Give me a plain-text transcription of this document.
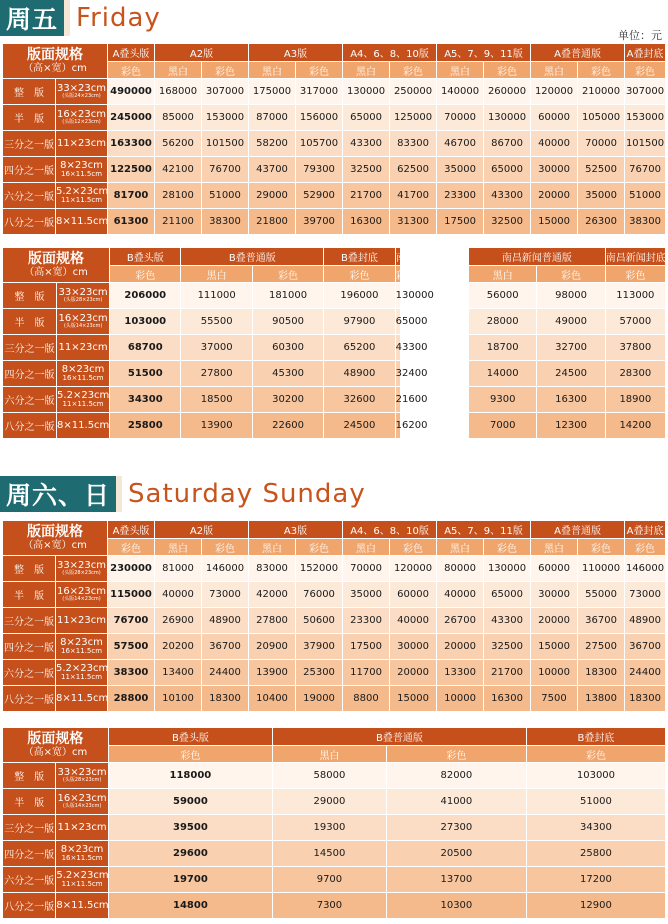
周五 Friday
单位：元
版面规格
（高×宽）cm		A叠头版	A2版		A3版		A4、6、8、10版		A5、7、9、11版		A叠普通版		A叠封底
		彩色	黑白	彩色	黑白	彩色	黑白	彩色	黑白	彩色	黑白	彩色	彩色
整　版	33×23cm
(头版24×23cm)	490000	168000	307000	175000	317000	130000	250000	140000	260000	120000	210000	307000
半　版	16×23cm
(头版12×23cm)	245000	85000	153000	87000	156000	65000	125000	70000	130000	60000	105000	153000
三分之一版	11×23cm	163300	56200	101500	58200	105700	43300	83300	46700	86700	40000	70000	101500
四分之一版	8×23cm
16×11.5cm	122500	42100	76700	43700	79300	32500	62500	35000	65000	30000	52500	76700
六分之一版	5.2×23cm
11×11.5cm	81700	28100	51000	29000	52900	21700	41700	23300	43300	20000	35000	51000
八分之一版	8×11.5cm	61300	21100	38300	21800	39700	16300	31300	17500	32500	15000	26300	38300
版面规格
（高×宽）cm		B叠头版	B叠普通版		B叠封底	南昌新闻头版		南昌新闻普通版		南昌新闻封底
		彩色	黑白	彩色	彩色	彩色		黑白	彩色	彩色
整　版	33×23cm
(头版28×23cm)	206000	111000	181000	196000	130000		56000	98000	113000
半　版	16×23cm
(头版14×23cm)	103000	55500	90500	97900	65000		28000	49000	57000
三分之一版	11×23cm	68700	37000	60300	65200	43300		18700	32700	37800
四分之一版	8×23cm
16×11.5cm	51500	27800	45300	48900	32400		14000	24500	28300
六分之一版	5.2×23cm
11×11.5cm	34300	18500	30200	32600	21600		9300	16300	18900
八分之一版	8×11.5cm	25800	13900	22600	24500	16200		7000	12300	14200
周六、日 Saturday Sunday
版面规格
（高×宽）cm		A叠头版	A2版		A3版		A4、6、8、10版		A5、7、9、11版		A叠普通版		A叠封底
		彩色	黑白	彩色	黑白	彩色	黑白	彩色	黑白	彩色	黑白	彩色	彩色
整　版	33×23cm
(头版28×23cm)	230000	81000	146000	83000	152000	70000	120000	80000	130000	60000	110000	146000
半　版	16×23cm
(头版14×23cm)	115000	40000	73000	42000	76000	35000	60000	40000	65000	30000	55000	73000
三分之一版	11×23cm	76700	26900	48900	27800	50600	23300	40000	26700	43300	20000	36700	48900
四分之一版	8×23cm
16×11.5cm	57500	20200	36700	20900	37900	17500	30000	20000	32500	15000	27500	36700
六分之一版	5.2×23cm
11×11.5cm	38300	13400	24400	13900	25300	11700	20000	13300	21700	10000	18300	24400
八分之一版	8×11.5cm	28800	10100	18300	10400	19000	8800	15000	10000	16300	7500	13800	18300
版面规格
（高×宽）cm		B叠头版	B叠普通版		B叠封底
		彩色	黑白	彩色	彩色
整　版	33×23cm
(头版28×23cm)	118000	58000	82000	103000
半　版	16×23cm
(头版14×23cm)	59000	29000	41000	51000
三分之一版	11×23cm	39500	19300	27300	34300
四分之一版	8×23cm
16×11.5cm	29600	14500	20500	25800
六分之一版	5.2×23cm
11×11.5cm	19700	9700	13700	17200
八分之一版	8×11.5cm	14800	7300	10300	12900
